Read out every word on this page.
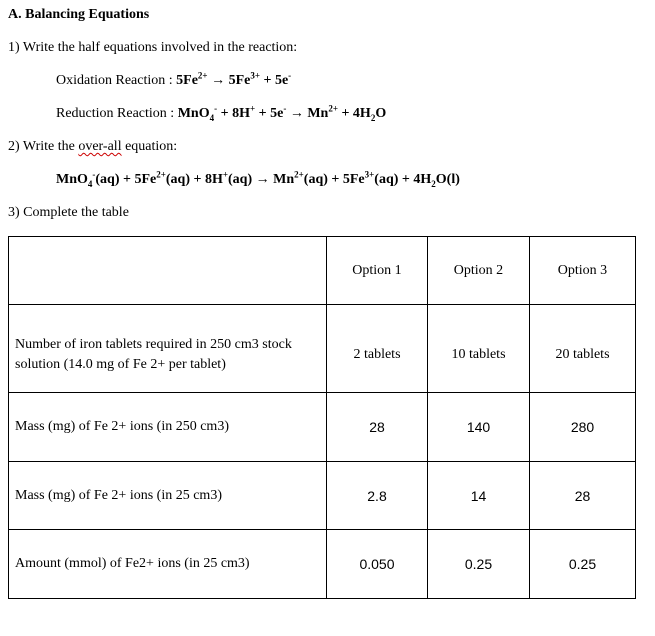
A. Balancing Equations
1) Write the half equations involved in the reaction:
Oxidation Reaction : $5Fe^{2+} \to 5Fe^{3+} + 5e^-$
Reduction Reaction : $MnO_4^- + 8H^+ + 5e^- \to Mn^{2+} + 4H_2O$
2) Write the over-all equation:
$MnO_4^-(aq) + 5Fe^{2+}(aq) + 8H^+(aq) \to Mn^{2+}(aq) + 5Fe^{3+}(aq) + 4H_2O(l)$
3) Complete the table
	Option 1	Option 2	Option 3
Number of iron tablets required in 250 cm3 stock solution (14.0 mg of Fe 2+ per tablet)	2 tablets	10 tablets	20 tablets
Mass (mg) of Fe 2+ ions (in 250 cm3)	28	140	280
Mass (mg) of Fe 2+ ions (in 25 cm3)	2.8	14	28
Amount (mmol) of Fe2+ ions (in 25 cm3)	0.050	0.25	0.25
